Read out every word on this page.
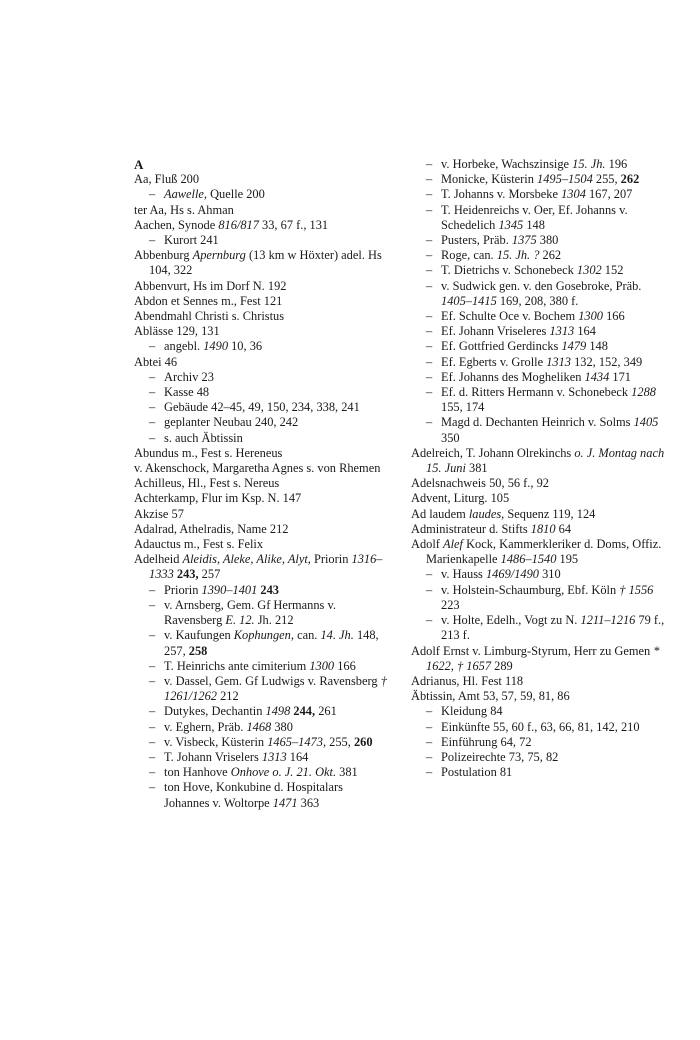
A

Aa, Fluß 200

– Aawelle, Quelle 200

ter Aa, Hs s. Ahman

Aachen, Synode 816/817 33, 67 f., 131

– Kurort 241

Abbenburg Apernburg (13 km w Höxter) adel. Hs 104, 322

Abbenvurt, Hs im Dorf N. 192

Abdon et Sennes m., Fest 121

Abendmahl Christi s. Christus

Ablässe 129, 131

– angebl. 1490 10, 36

Abtei 46

– Archiv 23

– Kasse 48

– Gebäude 42–45, 49, 150, 234, 338, 241

– geplanter Neubau 240, 242

– s. auch Äbtissin

Abundus m., Fest s. Hereneus

v. Akenschock, Margaretha Agnes s. von Rhemen

Achilleus, Hl., Fest s. Nereus

Achterkamp, Flur im Ksp. N. 147

Akzise 57

Adalrad, Athelradis, Name 212

Adauctus m., Fest s. Felix

Adelheid Aleidis, Aleke, Alike, Alyt, Priorin 1316–1333 243, 257

– Priorin 1390–1401 243

– v. Arnsberg, Gem. Gf Hermanns v. Ravensberg E. 12. Jh. 212

– v. Kaufungen Kophungen, can. 14. Jh. 148, 257, 258

– T. Heinrichs ante cimiterium 1300 166

– v. Dassel, Gem. Gf Ludwigs v. Ravensberg † 1261/1262 212

– Dutykes, Dechantin 1498 244, 261

– v. Eghern, Präb. 1468 380

– v. Visbeck, Küsterin 1465–1473, 255, 260

– T. Johann Vriselers 1313 164

– ton Hanhove Onhove o. J. 21. Okt. 381

– ton Hove, Konkubine d. Hospitalars Johannes v. Woltorpe 1471 363

– v. Horbeke, Wachszinsige 15. Jh. 196

– Monicke, Küsterin 1495–1504 255, 262

– T. Johanns v. Morsbeke 1304 167, 207

– T. Heidenreichs v. Oer, Ef. Johanns v. Schedelich 1345 148

– Pusters, Präb. 1375 380

– Roge, can. 15. Jh. ? 262

– T. Dietrichs v. Schonebeck 1302 152

– v. Sudwick gen. v. den Gosebroke, Präb. 1405–1415 169, 208, 380 f.

– Ef. Schulte Oce v. Bochem 1300 166

– Ef. Johann Vriseleres 1313 164

– Ef. Gottfried Gerdincks 1479 148

– Ef. Egberts v. Grolle 1313 132, 152, 349

– Ef. Johanns des Mogheliken 1434 171

– Ef. d. Ritters Hermann v. Schonebeck 1288 155, 174

– Magd d. Dechanten Heinrich v. Solms 1405 350

Adelreich, T. Johann Olrekinchs o. J. Montag nach 15. Juni 381

Adelsnachweis 50, 56 f., 92

Advent, Liturg. 105

Ad laudem laudes, Sequenz 119, 124

Administrateur d. Stifts 1810 64

Adolf Alef Kock, Kammerkleriker d. Doms, Offiz. Marienkapelle 1486–1540 195

– v. Hauss 1469/1490 310

– v. Holstein-Schaumburg, Ebf. Köln † 1556 223

– v. Holte, Edelh., Vogt zu N. 1211–1216 79 f., 213 f.

Adolf Ernst v. Limburg-Styrum, Herr zu Gemen * 1622, † 1657 289

Adrianus, Hl. Fest 118

Äbtissin, Amt 53, 57, 59, 81, 86

– Kleidung 84

– Einkünfte 55, 60 f., 63, 66, 81, 142, 210

– Einführung 64, 72

– Polizeirechte 73, 75, 82

– Postulation 81
